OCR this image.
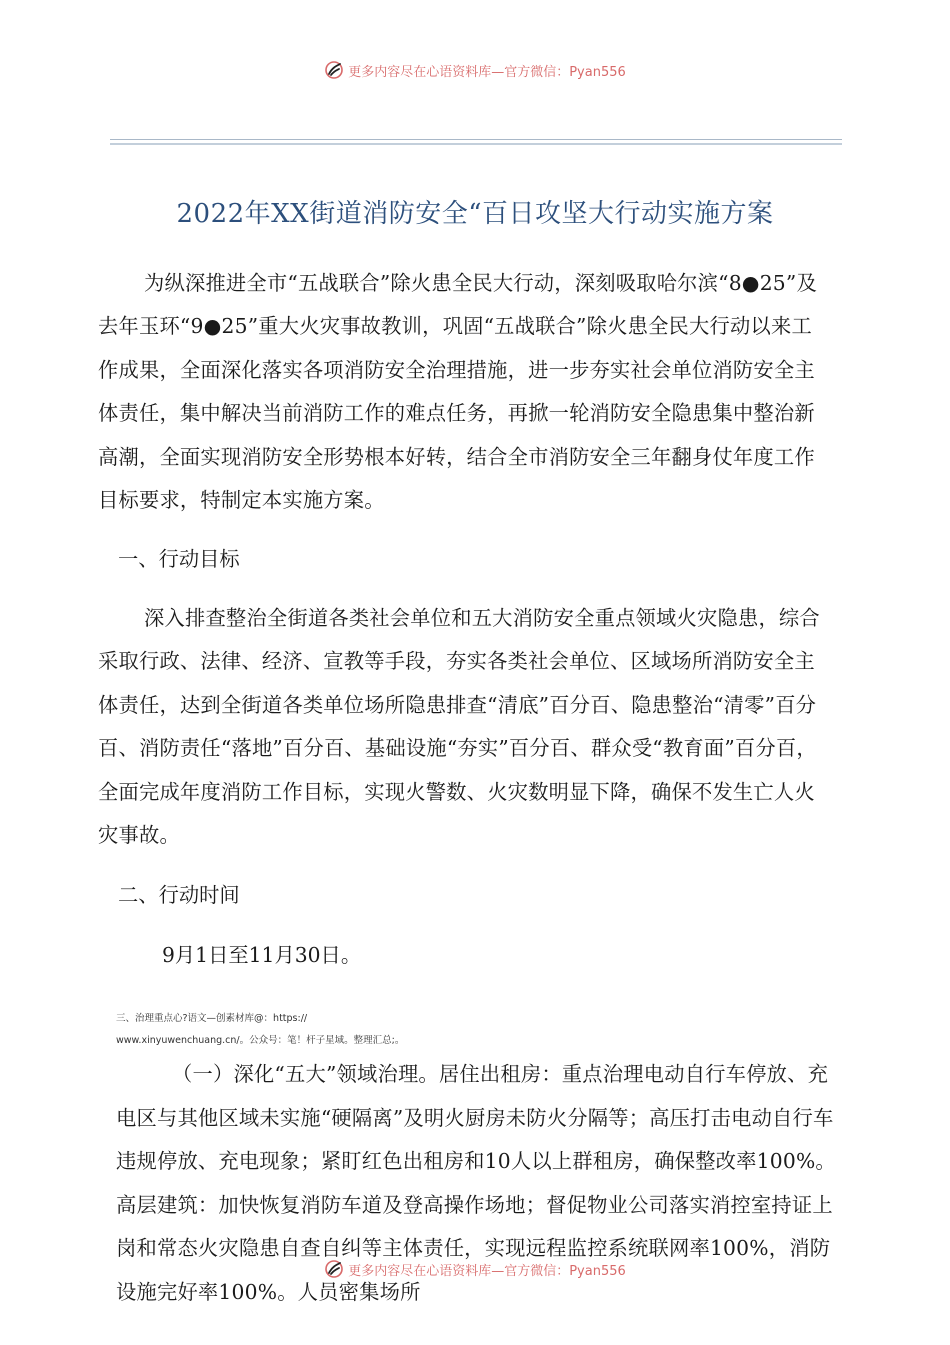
更多内容尽在心语资料库 —官方微信：Pyan556
2022年XX街道消防安全“百日攻坚大行动实施方案
为纵深推进全市“五战联合”除火患全民大行动，深刻吸取哈尔滨“8●25”及去年玉环“9●25”重大火灾事故教训，巩固“五战联合”除火患全民大行动以来工作成果，全面深化落实各项消防安全治理措施，进一步夯实社会单位消防安全主体责任，集中解决当前消防工作的难点任务，再掀一轮消防安全隐患集中整治新高潮，全面实现消防安全形势根本好转，结合全市消防安全三年翻身仗年度工作目标要求，特制定本实施方案。
一、行动目标
深入排查整治全街道各类社会单位和五大消防安全重点领域火灾隐患，综合采取行政、法律、经济、宣教等手段，夯实各类社会单位、区域场所消防安全主体责任，达到全街道各类单位场所隐患排查“清底”百分百、隐患整治“清零”百分百、消防责任“落地”百分百、基础设施“夯实”百分百、群众受“教育面”百分百，全面完成年度消防工作目标，实现火警数、火灾数明显下降，确保不发生亡人火灾事故。
二、行动时间
9月1日至11月30日。
三、治理重点心?语文—创素材库@：https://
www.xinyuwenchuang.cn/。公众号：笔！杆子星域。整理汇总;。
（一）深化“五大”领域治理。居住出租房：重点治理电动自行车停放、充电区与其他区域未实施“硬隔离”及明火厨房未防火分隔等；高压打击电动自行车违规停放、充电现象；紧盯红色出租房和10人以上群租房，确保整改率100%。高层建筑：加快恢复消防车道及登高操作场地；督促物业公司落实消控室持证上岗和常态火灾隐患自查自纠等主体责任，实现远程监控系统联网率100%，消防设施完好率100%。人员密集场所
更多内容尽在心语资料库 —官方微信：Pyan556
